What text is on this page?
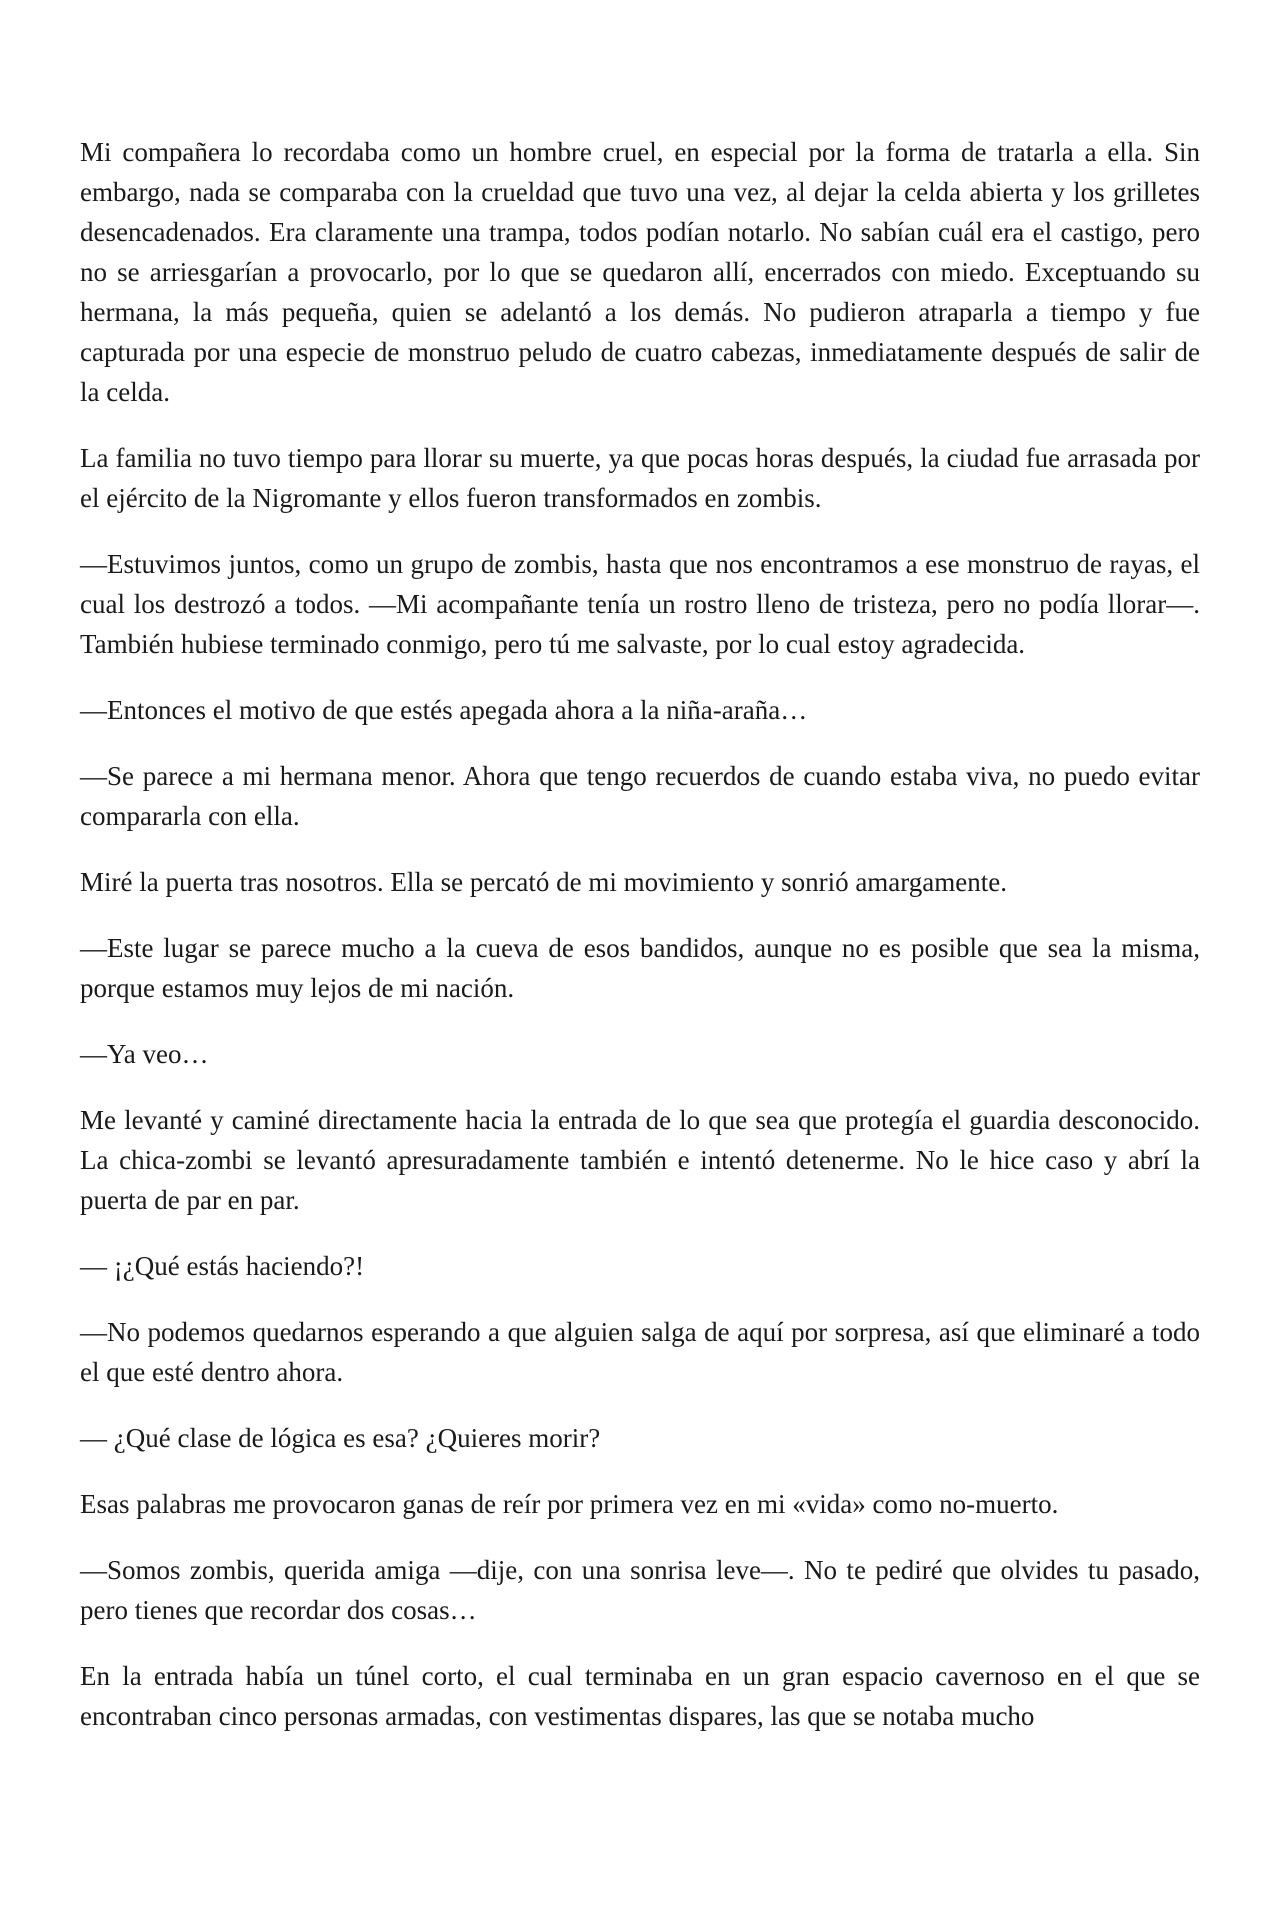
Mi compañera lo recordaba como un hombre cruel, en especial por la forma de tratarla a ella. Sin embargo, nada se comparaba con la crueldad que tuvo una vez, al dejar la celda abierta y los grilletes desencadenados. Era claramente una trampa, todos podían notarlo. No sabían cuál era el castigo, pero no se arriesgarían a provocarlo, por lo que se quedaron allí, encerrados con miedo. Exceptuando su hermana, la más pequeña, quien se adelantó a los demás. No pudieron atraparla a tiempo y fue capturada por una especie de monstruo peludo de cuatro cabezas, inmediatamente después de salir de la celda.

La familia no tuvo tiempo para llorar su muerte, ya que pocas horas después, la ciudad fue arrasada por el ejército de la Nigromante y ellos fueron transformados en zombis.

—Estuvimos juntos, como un grupo de zombis, hasta que nos encontramos a ese monstruo de rayas, el cual los destrozó a todos. —Mi acompañante tenía un rostro lleno de tristeza, pero no podía llorar—. También hubiese terminado conmigo, pero tú me salvaste, por lo cual estoy agradecida.

—Entonces el motivo de que estés apegada ahora a la niña-araña…

—Se parece a mi hermana menor. Ahora que tengo recuerdos de cuando estaba viva, no puedo evitar compararla con ella.

Miré la puerta tras nosotros. Ella se percató de mi movimiento y sonrió amargamente.

—Este lugar se parece mucho a la cueva de esos bandidos, aunque no es posible que sea la misma, porque estamos muy lejos de mi nación.

—Ya veo…

Me levanté y caminé directamente hacia la entrada de lo que sea que protegía el guardia desconocido. La chica-zombi se levantó apresuradamente también e intentó detenerme. No le hice caso y abrí la puerta de par en par.

— ¡¿Qué estás haciendo?!

—No podemos quedarnos esperando a que alguien salga de aquí por sorpresa, así que eliminaré a todo el que esté dentro ahora.

— ¿Qué clase de lógica es esa? ¿Quieres morir?

Esas palabras me provocaron ganas de reír por primera vez en mi «vida» como no-muerto.

—Somos zombis, querida amiga —dije, con una sonrisa leve—. No te pediré que olvides tu pasado, pero tienes que recordar dos cosas…

En la entrada había un túnel corto, el cual terminaba en un gran espacio cavernoso en el que se encontraban cinco personas armadas, con vestimentas dispares, las que se notaba mucho
